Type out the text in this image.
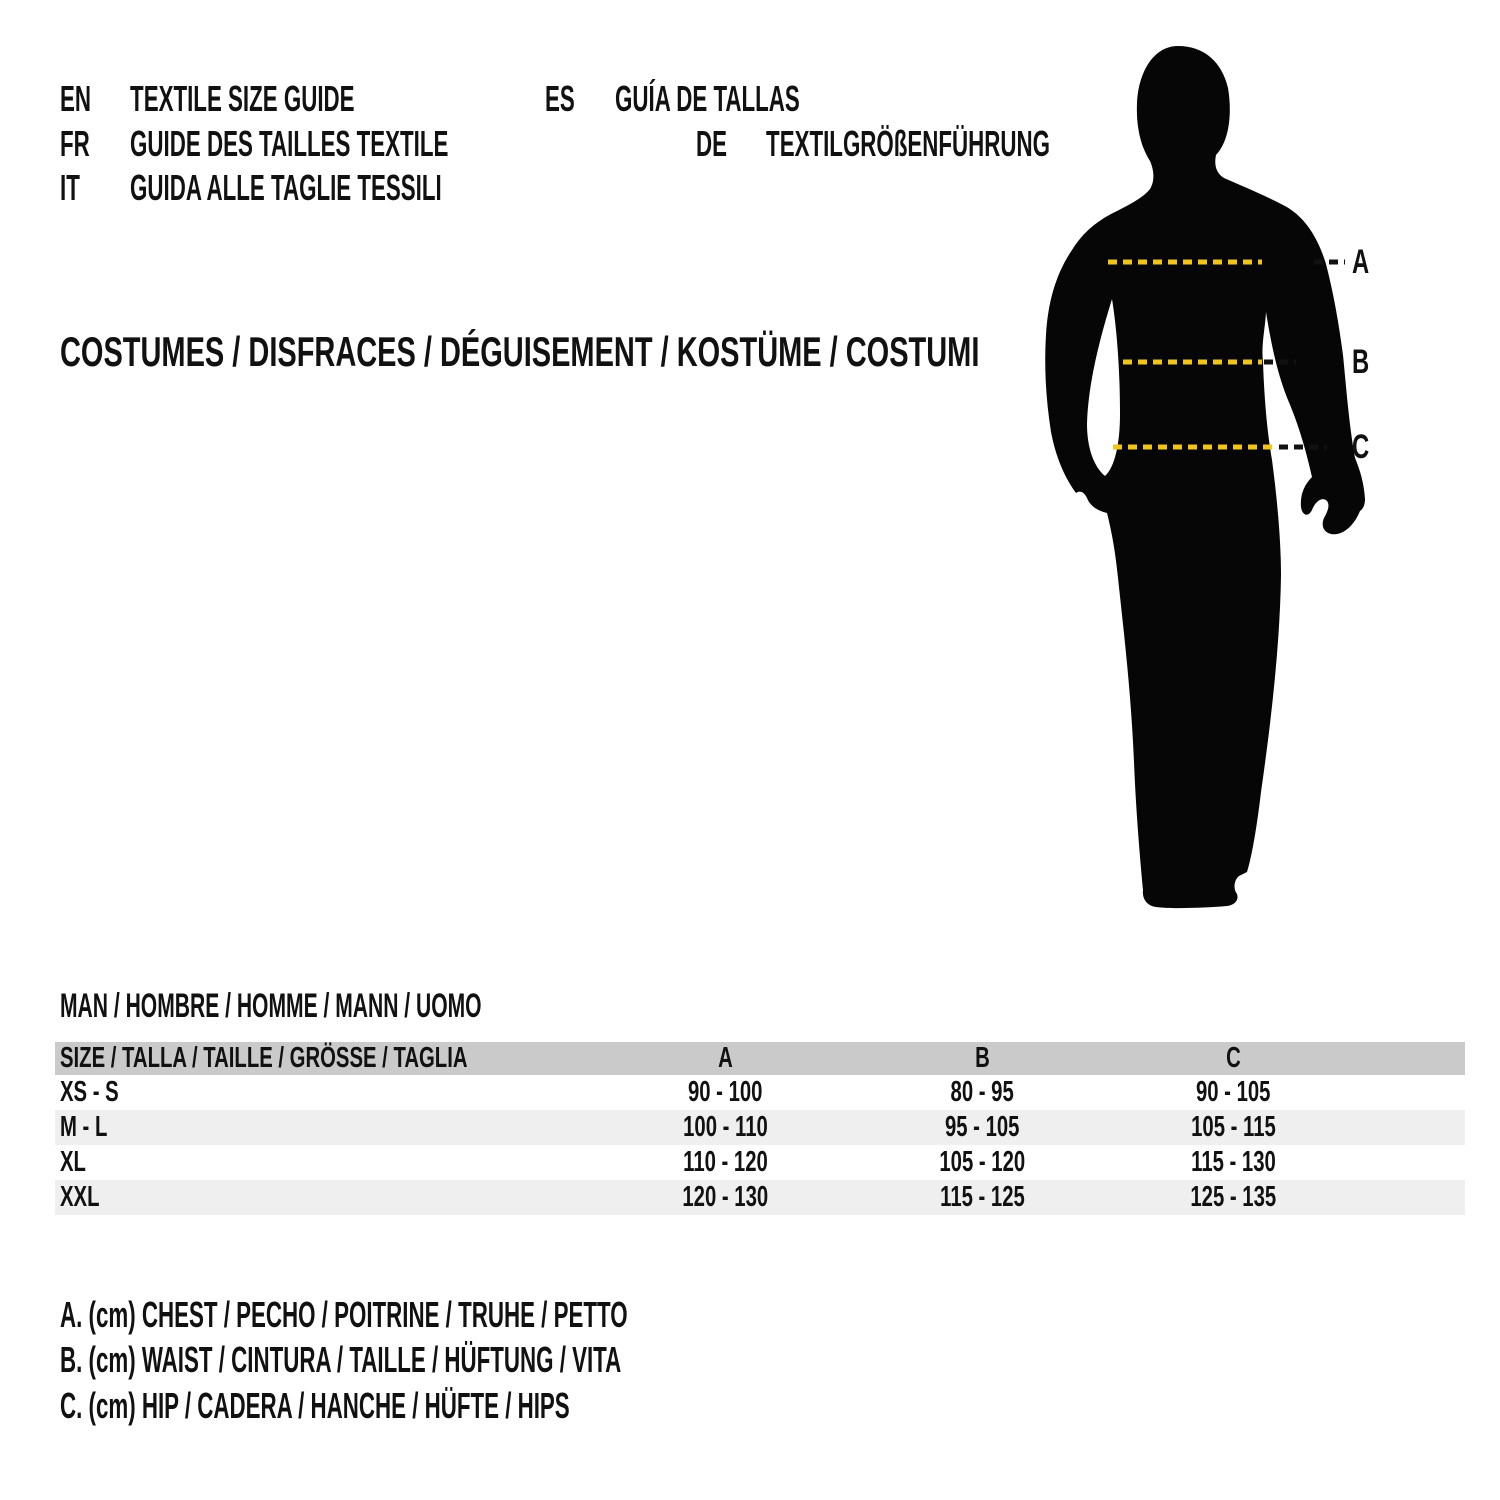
EN TEXTILE SIZE GUIDE	ES GUÍA DE TALLAS FR GUIDE DES TAILLES TEXTILE	DE TEXTILGRÖßENFÜHRUNG IT GUIDA ALLE TAGLIE TESSILI
COSTUMES / DISFRACES / DÉGUISEMENT / KOSTÜME / COSTUMI
A
B
C
MAN / HOMBRE / HOMME / MANN / UOMO
SIZE / TALLA / TAILLE / GRÖSSE / TAGLIA	A	B	C	
XS - S	90 - 100	80 - 95	90 - 105	
M - L	100 - 110	95 - 105	105 - 115	
XL	110 - 120	105 - 120	115 - 130	
XXL	120 - 130	115 - 125	125 - 135	
A. (cm) CHEST / PECHO / POITRINE / TRUHE / PETTO
B. (cm) WAIST / CINTURA / TAILLE / HÜFTUNG / VITA
C. (cm) HIP / CADERA / HANCHE / HÜFTE / HIPS
